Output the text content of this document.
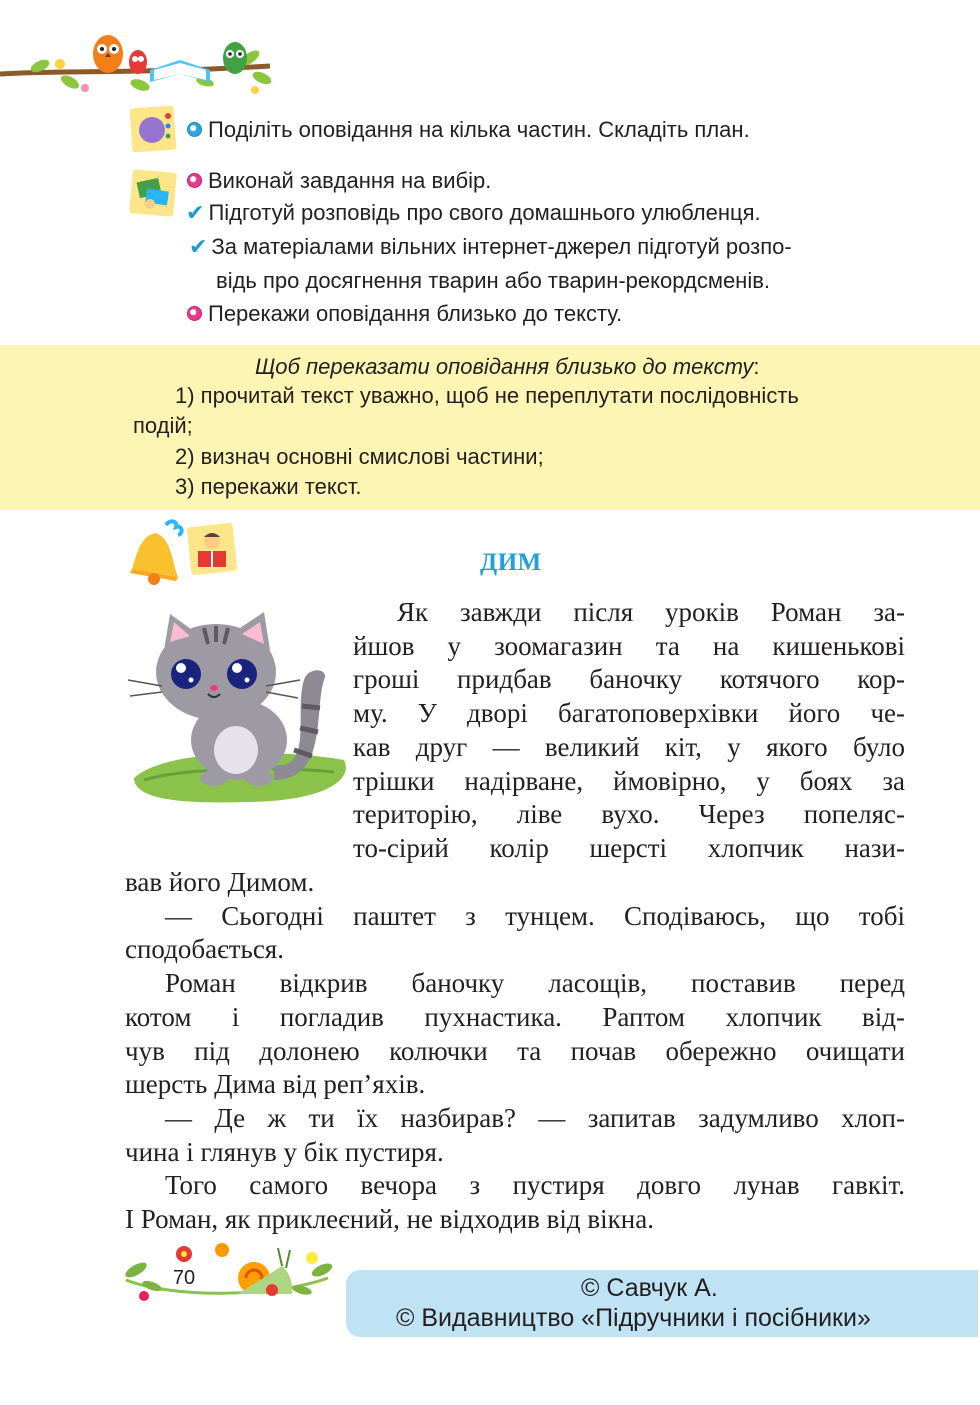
Поділіть оповідання на кілька частин. Складіть план.
Виконай завдання на вибір.
✔ Підготуй розповідь про свого домашнього улюбленця.
✔ За матеріалами вільних інтернет-джерел підготуй розпо-
відь про досягнення тварин або тварин-рекордсменів.
Перекажи оповідання близько до тексту.
Щоб переказати оповідання близько до тексту:
1) прочитай текст уважно, щоб не переплутати послідовність
подій;
2) визнач основні смислові частини;
3) перекажи текст.
ДИМ
Як завжди після уроків Роман за-
йшов у зоомагазин та на кишенькові
гроші придбав баночку котячого кор-
му. У дворі багатоповерхівки його че-
кав друг — великий кіт, у якого було
трішки надірване, ймовірно, у боях за
територію, ліве вухо. Через попеляс-
то-сірий колір шерсті хлопчик нази-
вав його Димом.
— Сьогодні паштет з тунцем. Сподіваюсь, що тобі
сподобається.
Роман відкрив баночку ласощів, поставив перед
котом і погладив пухнастика. Раптом хлопчик від-
чув під долонею колючки та почав обережно очищати
шерсть Дима від реп’яхів.
— Де ж ти їх назбирав? — запитав задумливо хлоп-
чина і глянув у бік пустиря.
Того самого вечора з пустиря довго лунав гавкіт.
І Роман, як приклеєний, не відходив від вікна.
70	© Савчук А.
© Видавництво «Підручники і посібники»
